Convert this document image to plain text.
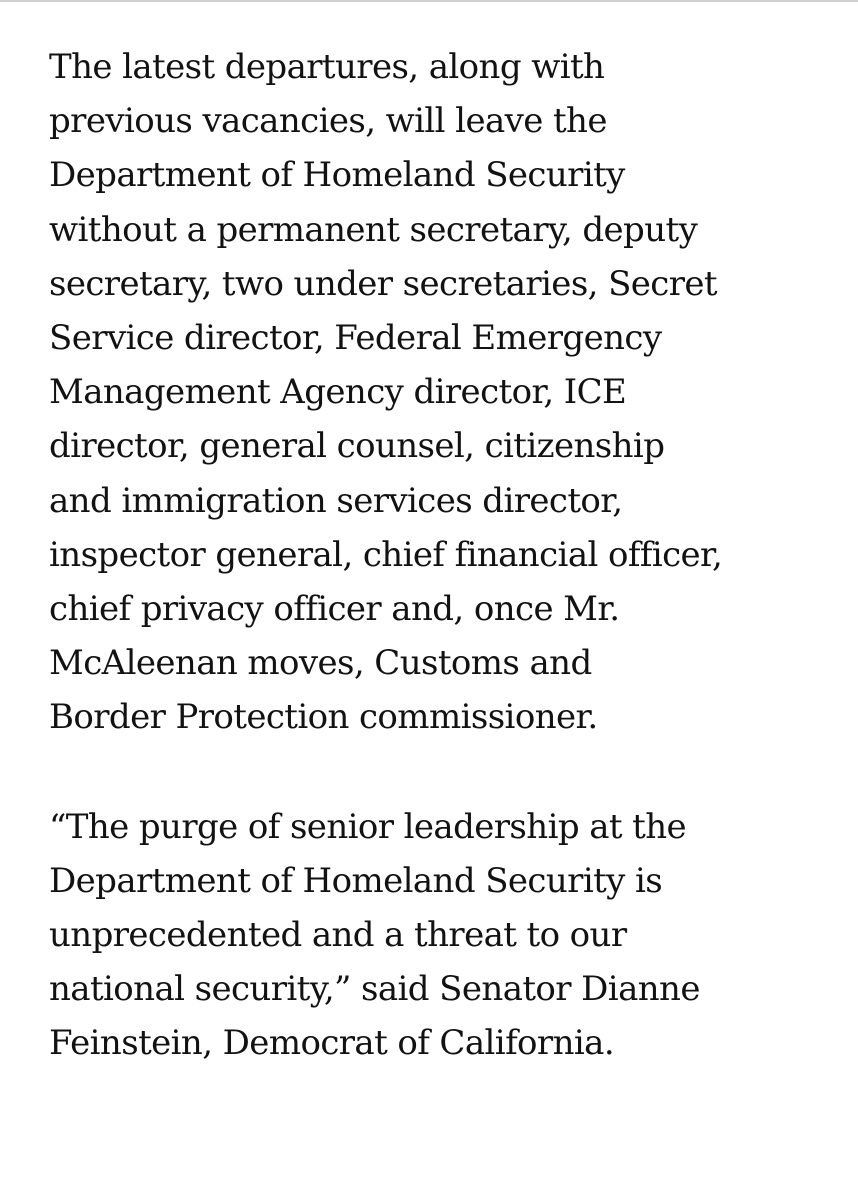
The latest departures, along with
previous vacancies, will leave the
Department of Homeland Security
without a permanent secretary, deputy
secretary, two under secretaries, Secret
Service director, Federal Emergency
Management Agency director, ICE
director, general counsel, citizenship
and immigration services director,
inspector general, chief financial officer,
chief privacy officer and, once Mr.
McAleenan moves, Customs and
Border Protection commissioner.

“The purge of senior leadership at the
Department of Homeland Security is
unprecedented and a threat to our
national security,” said Senator Dianne
Feinstein, Democrat of California.
